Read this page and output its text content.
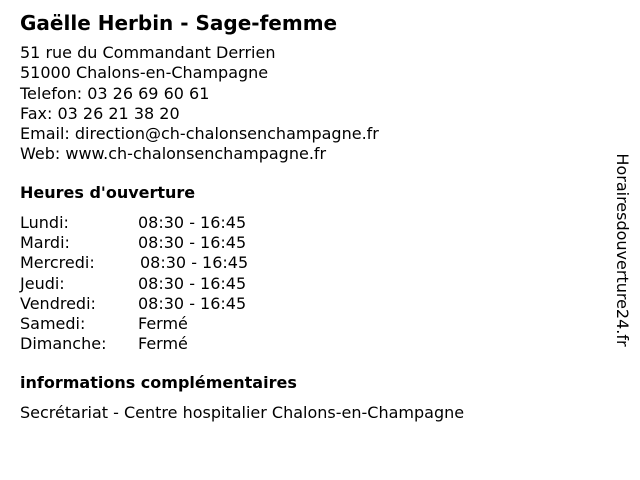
Gaëlle Herbin - Sage-femme
51 rue du Commandant Derrien
51000 Chalons-en-Champagne
Telefon: 03 26 69 60 61
Fax: 03 26 21 38 20
Email: direction@ch-chalonsenchampagne.fr
Web: www.ch-chalonsenchampagne.fr
Heures d'ouverture
Lundi:	08:30 - 16:45
Mardi:	08:30 - 16:45
Mercredi:	08:30 - 16:45
Jeudi:	08:30 - 16:45
Vendredi:	08:30 - 16:45
Samedi:	Fermé
Dimanche: Fermé
informations complémentaires
Secrétariat - Centre hospitalier Chalons-en-Champagne
Horairesdouverture24.fr
